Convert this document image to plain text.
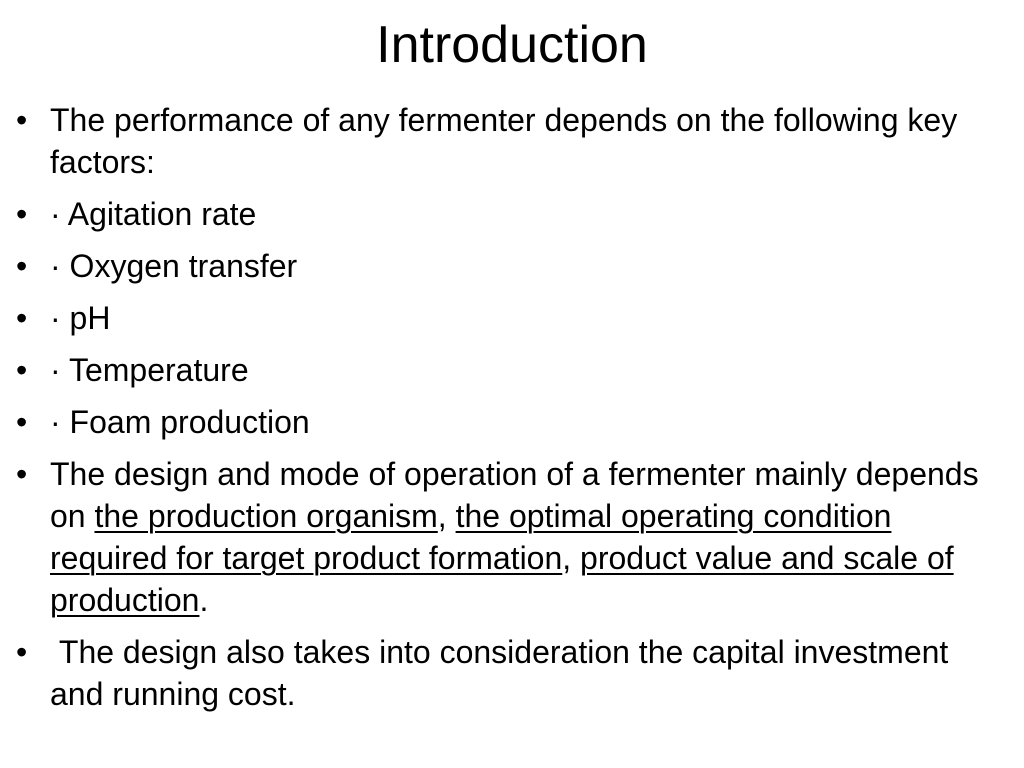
Introduction
• The performance of any fermenter depends on the following key factors:
• · Agitation rate
• · Oxygen transfer
• · pH
• · Temperature
• · Foam production
• The design and mode of operation of a fermenter mainly depends on the production organism, the optimal operating condition required for target product formation, product value and scale of production.
• The design also takes into consideration the capital investment and running cost.
